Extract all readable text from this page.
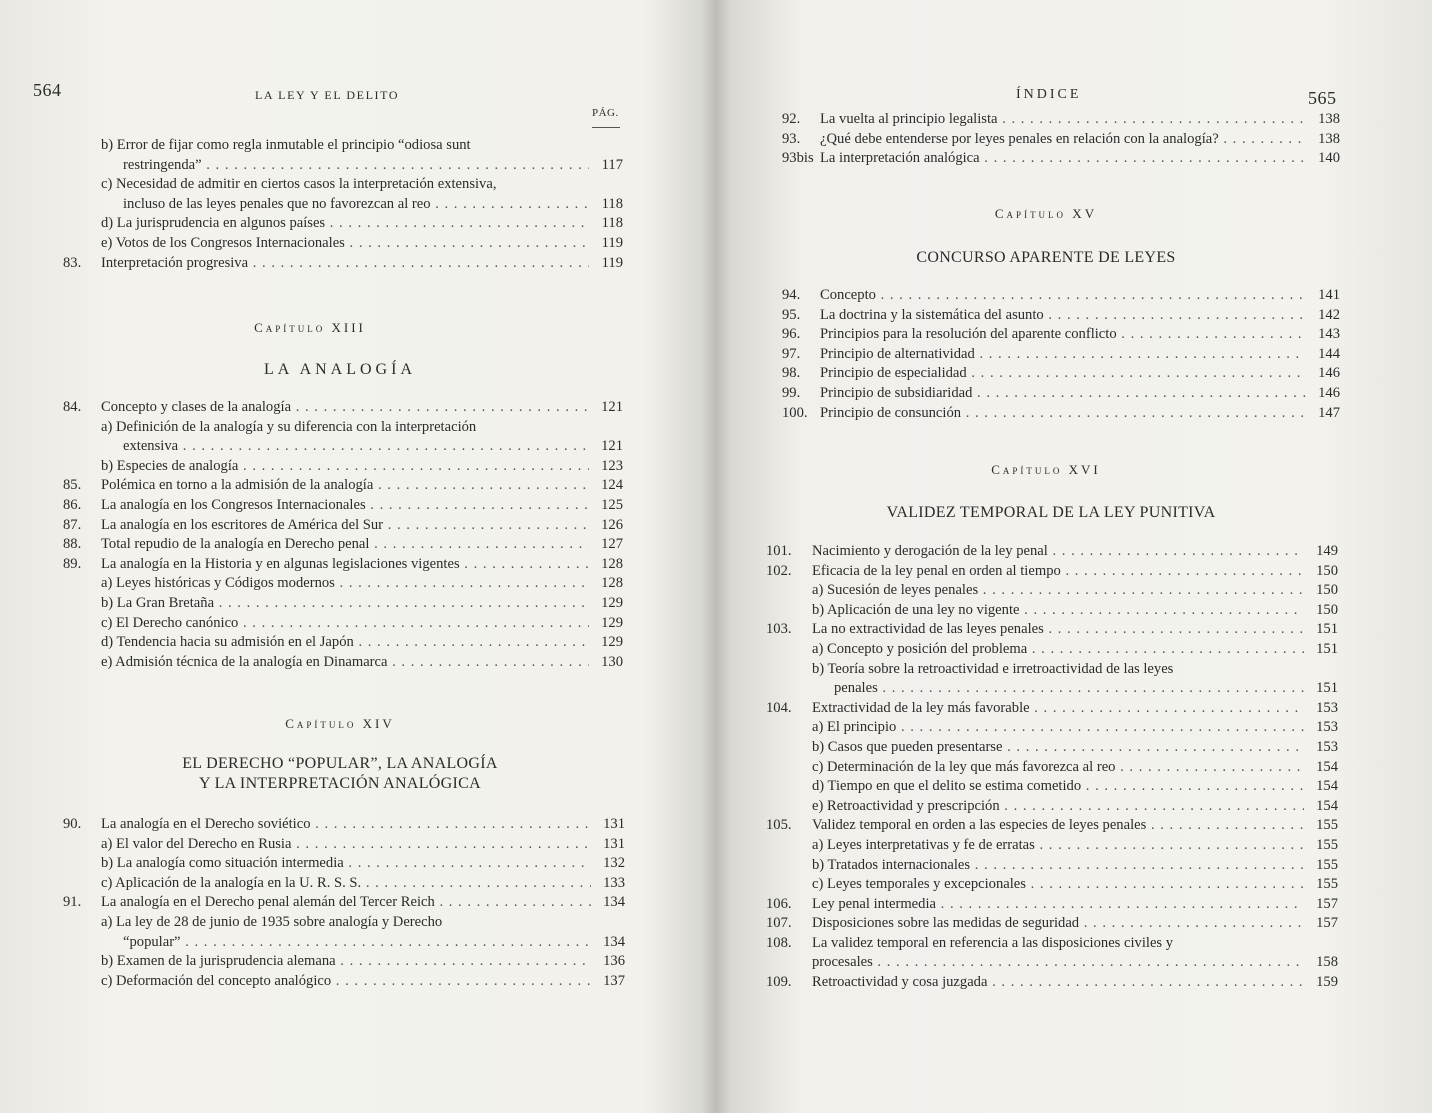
564	LA LEY Y EL DELITO
PÁG.
b) Error de fijar como regla inmutable el principio “odiosa sunt
restringenda” . . .	117
c) Necesidad de admitir en ciertos casos la interpretación extensiva,
incluso de las leyes penales que no favorezcan al reo . . .	118
d) La jurisprudencia en algunos países . . .	118
e) Votos de los Congresos Internacionales . . .	119
83. Interpretación progresiva . . .	119
Capítulo XIII
LA ANALOGÍA
84. Concepto y clases de la analogía . . .	121
a) Definición de la analogía y su diferencia con la interpretación
extensiva . . .	121
b) Especies de analogía . . .	123
85. Polémica en torno a la admisión de la analogía . . .	124
86. La analogía en los Congresos Internacionales . . .	125
87. La analogía en los escritores de América del Sur . . .	126
88. Total repudio de la analogía en Derecho penal . . .	127
89. La analogía en la Historia y en algunas legislaciones vigentes . . .	128
a) Leyes históricas y Códigos modernos . . .	128
b) La Gran Bretaña . . .	129
c) El Derecho canónico . . .	129
d) Tendencia hacia su admisión en el Japón . . .	129
e) Admisión técnica de la analogía en Dinamarca . . .	130
Capítulo XIV
EL DERECHO “POPULAR”, LA ANALOGÍA
Y LA INTERPRETACIÓN ANALÓGICA
90. La analogía en el Derecho soviético . . .	131
a) El valor del Derecho en Rusia . . .	131
b) La analogía como situación intermedia . . .	132
c) Aplicación de la analogía en la U. R. S. S. . . .	133
91. La analogía en el Derecho penal alemán del Tercer Reich . . .	134
a) La ley de 28 de junio de 1935 sobre analogía y Derecho
“popular” . . .	134
b) Examen de la jurisprudencia alemana . . .	136
c) Deformación del concepto analógico . . .	137
ÍNDICE	565
92. La vuelta al principio legalista . . .	138
93. ¿Qué debe entenderse por leyes penales en relación con la analogía? . . .	138
93bis La interpretación analógica . . .	140
Capítulo XV
CONCURSO APARENTE DE LEYES
94. Concepto . . .	141
95. La doctrina y la sistemática del asunto . . .	142
96. Principios para la resolución del aparente conflicto . . .	143
97. Principio de alternatividad . . .	144
98. Principio de especialidad . . .	146
99. Principio de subsidiaridad . . .	146
100. Principio de consunción . . .	147
Capítulo XVI
VALIDEZ TEMPORAL DE LA LEY PUNITIVA
101. Nacimiento y derogación de la ley penal . . .	149
102. Eficacia de la ley penal en orden al tiempo . . .	150
a) Sucesión de leyes penales . . .	150
b) Aplicación de una ley no vigente . . .	150
103. La no extractividad de las leyes penales . . .	151
a) Concepto y posición del problema . . .	151
b) Teoría sobre la retroactividad e irretroactividad de las leyes
penales . . .	151
104. Extractividad de la ley más favorable . . .	153
a) El principio . . .	153
b) Casos que pueden presentarse . . .	153
c) Determinación de la ley que más favorezca al reo . . .	154
d) Tiempo en que el delito se estima cometido . . .	154
e) Retroactividad y prescripción . . .	154
105. Validez temporal en orden a las especies de leyes penales . . .	155
a) Leyes interpretativas y fe de erratas . . .	155
b) Tratados internacionales . . .	155
c) Leyes temporales y excepcionales . . .	155
106. Ley penal intermedia . . .	157
107. Disposiciones sobre las medidas de seguridad . . .	157
108. La validez temporal en referencia a las disposiciones civiles y
procesales . . .	158
109. Retroactividad y cosa juzgada . . .	159
